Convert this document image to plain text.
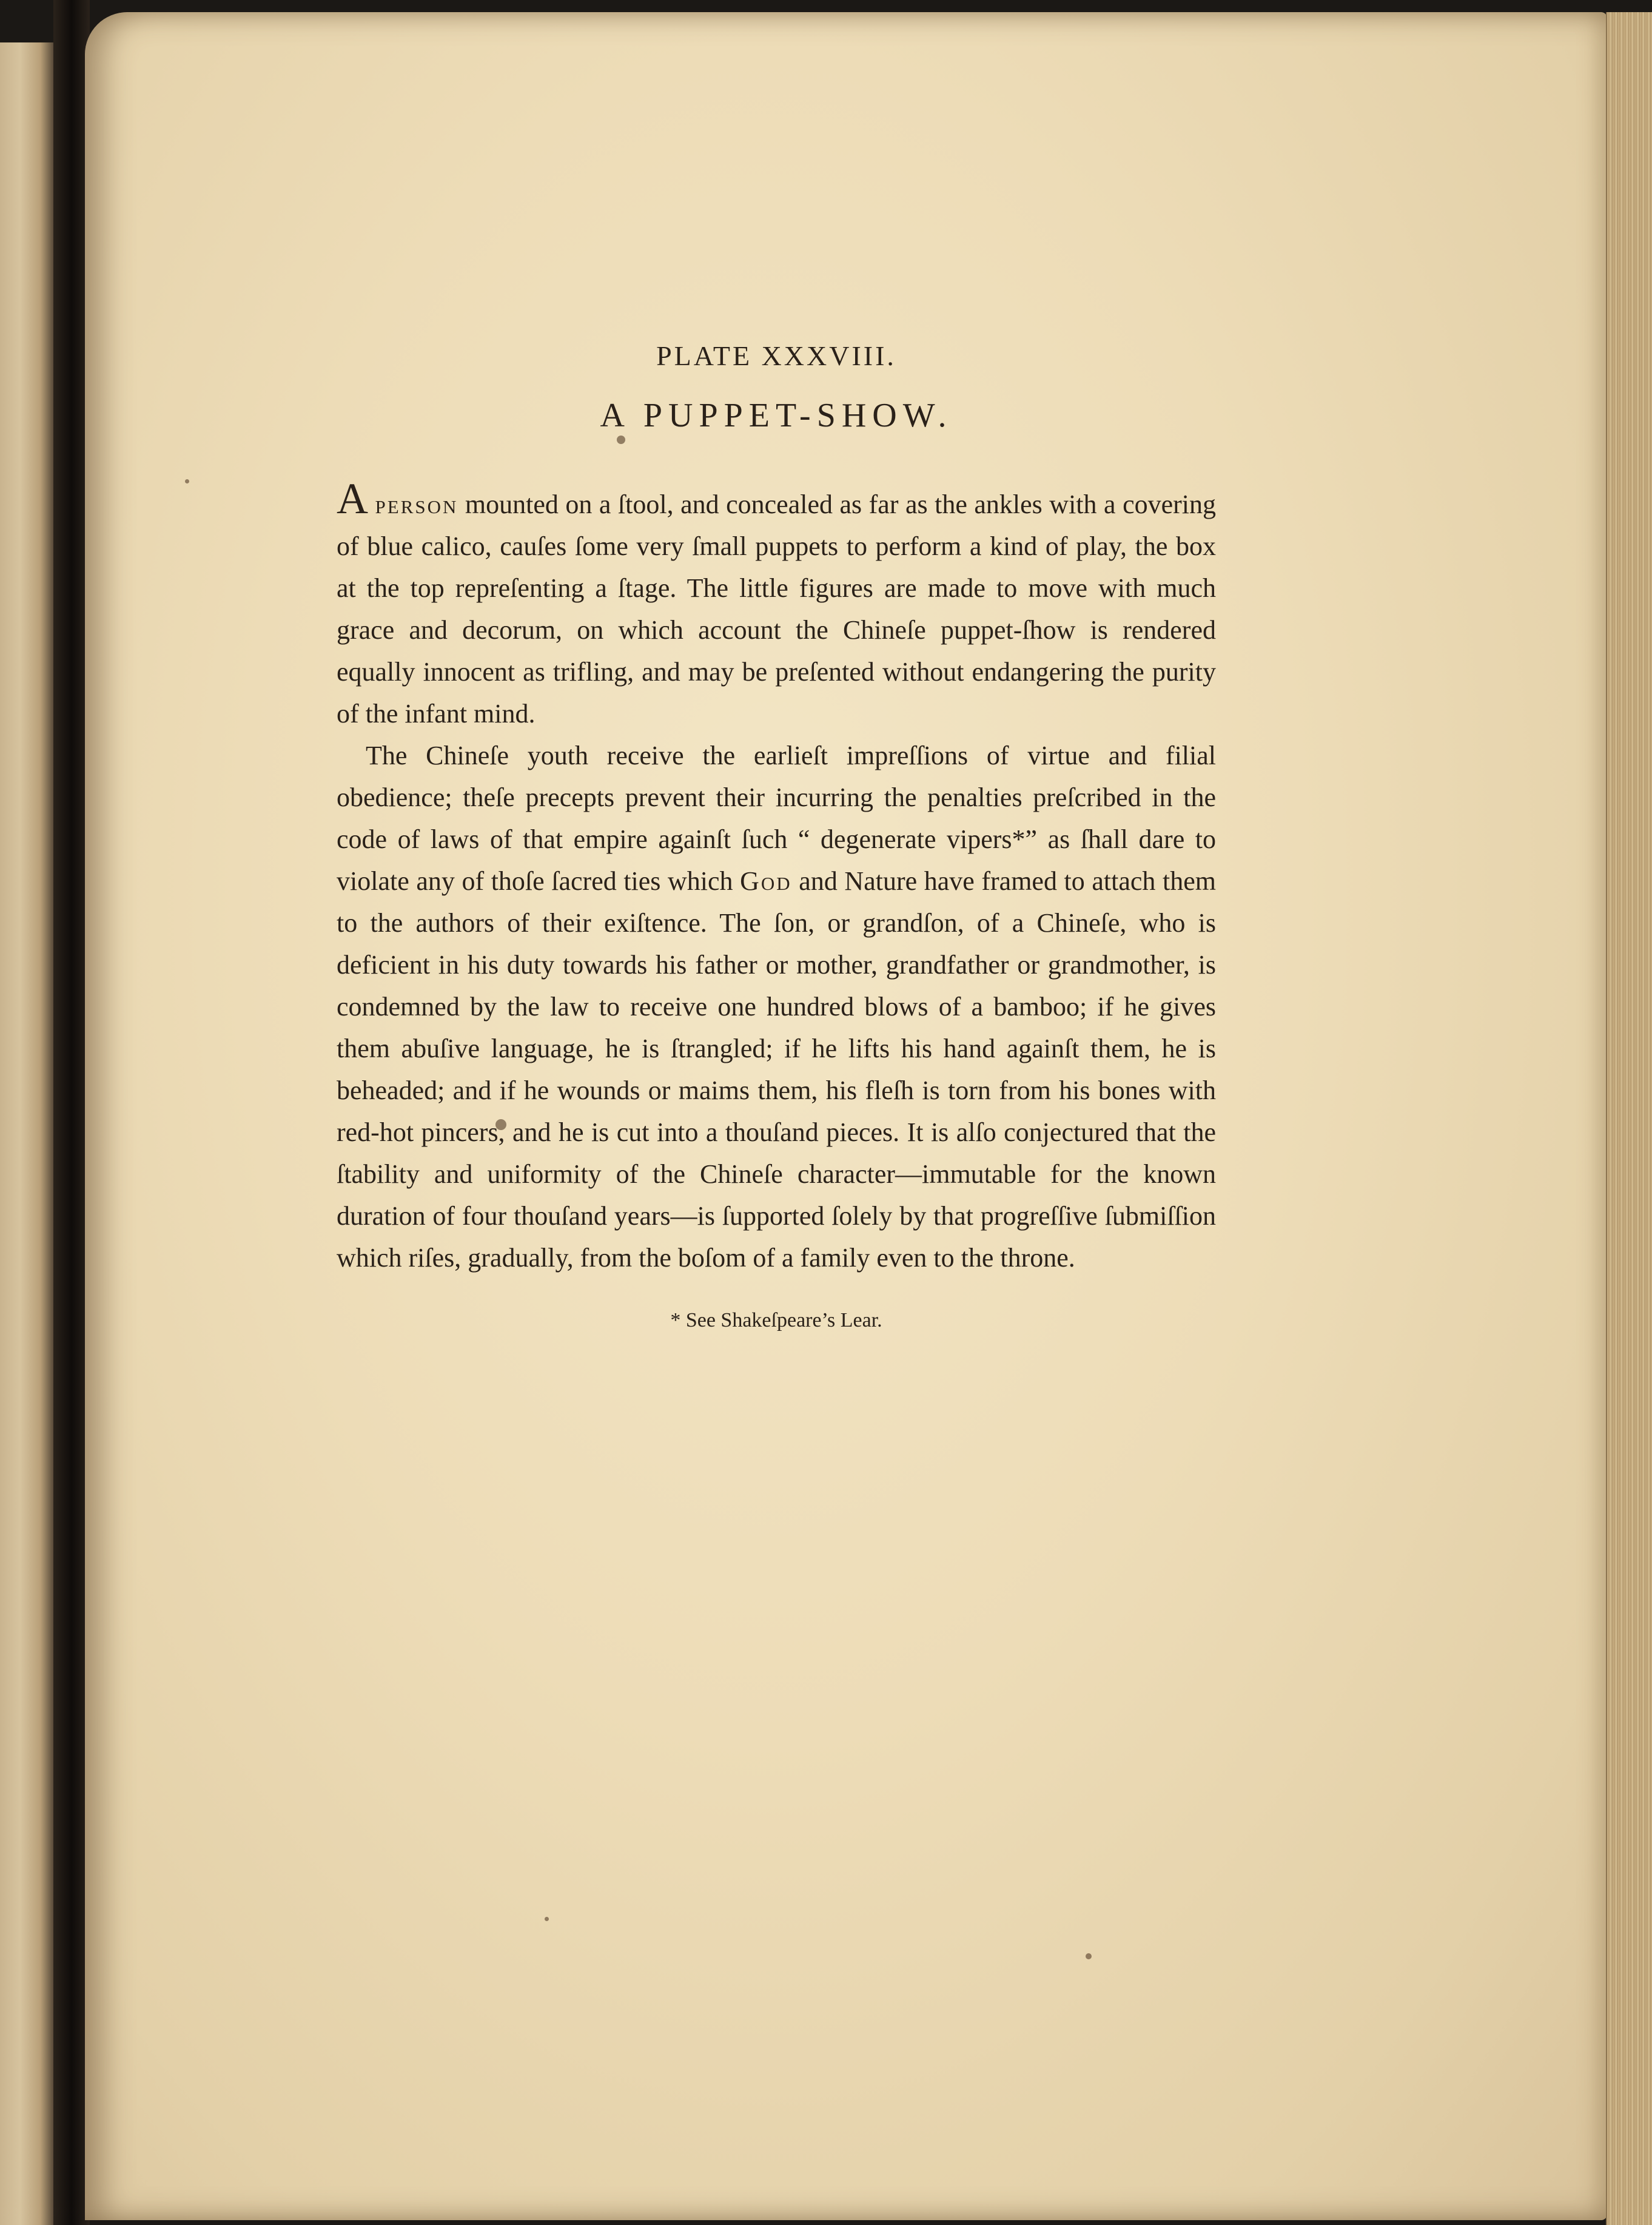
PLATE XXXVIII.
A PUPPET-SHOW.

A person mounted on a ſtool, and concealed as far as the ankles with a covering of blue calico, cauſes ſome very ſmall puppets to perform a kind of play, the box at the top repreſenting a ſtage. The little figures are made to move with much grace and decorum, on which account the Chineſe puppet-ſhow is rendered equally innocent as trifling, and may be preſented without endangering the purity of the infant mind.

The Chineſe youth receive the earlieſt impreſſions of virtue and filial obedience; theſe precepts prevent their incurring the penalties preſcribed in the code of laws of that empire againſt ſuch “ degenerate vipers*” as ſhall dare to violate any of thoſe ſacred ties which God and Nature have framed to attach them to the authors of their exiſtence. The ſon, or grandſon, of a Chineſe, who is deficient in his duty towards his father or mother, grandfather or grandmother, is condemned by the law to receive one hundred blows of a bamboo; if he gives them abuſive language, he is ſtrangled; if he lifts his hand againſt them, he is beheaded; and if he wounds or maims them, his fleſh is torn from his bones with red-hot pincers, and he is cut into a thouſand pieces. It is alſo conjectured that the ſtability and uniformity of the Chineſe character—immutable for the known duration of four thouſand years—is ſupported ſolely by that progreſſive ſubmiſſion which riſes, gradually, from the boſom of a family even to the throne.

* See Shakeſpeare’s Lear.
